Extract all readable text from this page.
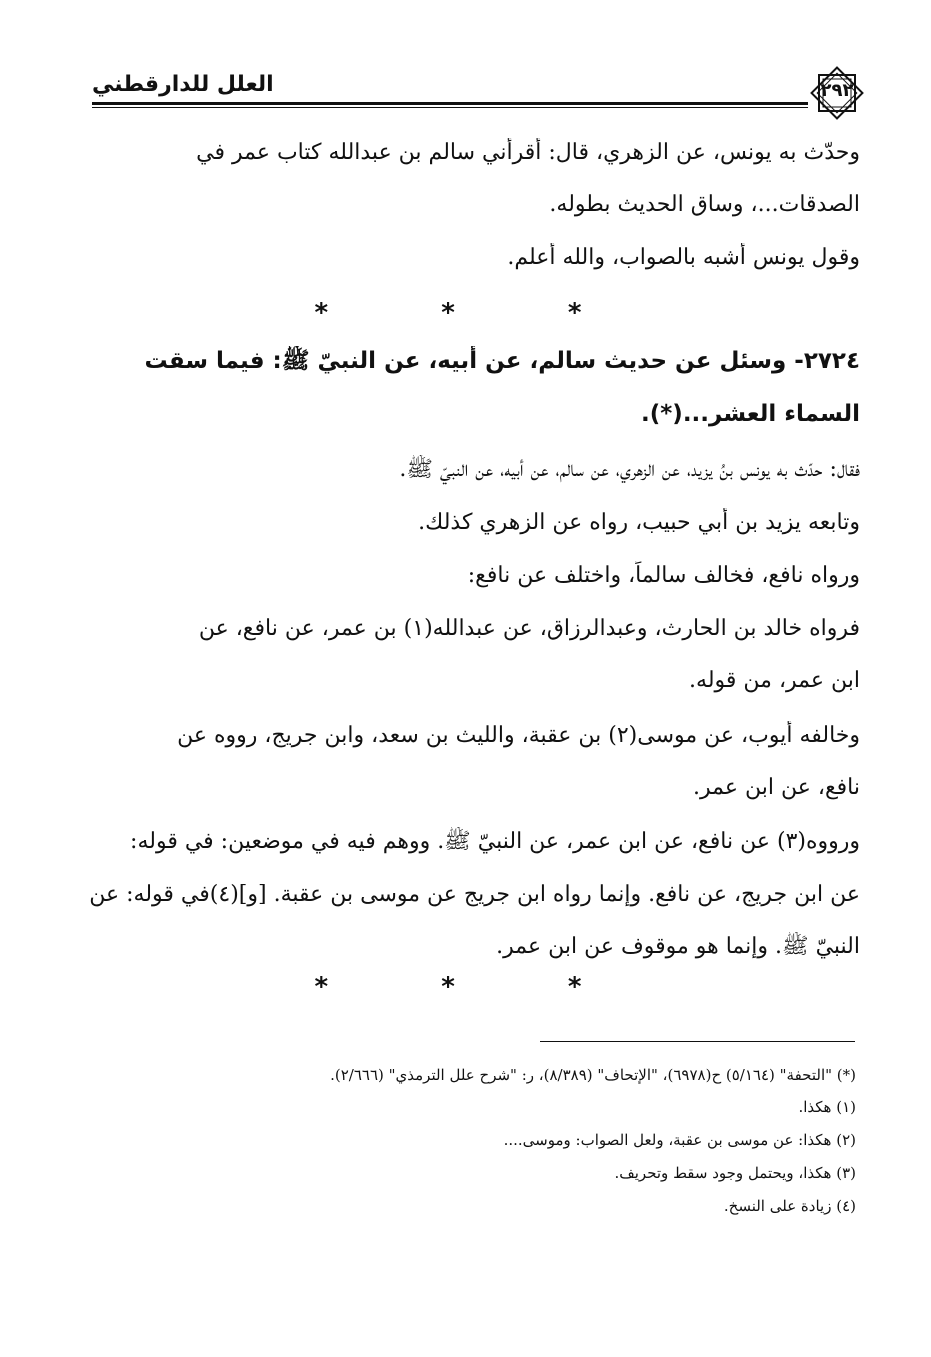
العلل للدارقطني	٢٩٢
وحدّث به يونس، عن الزهري، قال: أقرأني سالم بن عبدالله كتاب عمر في
الصدقات...، وساق الحديث بطوله.
وقول يونس أشبه بالصواب، والله أعلم.
* * *
٢٧٢٤- وسئل عن حديث سالم، عن أبيه، عن النبيّ ﷺ: فيما سقت
السماء العشر...(*).
فقال: حدّث به يونس بنُ يزيد، عن الزهري، عن سالم، عن أبيه، عن النبيّ ﷺ.
وتابعه يزيد بن أبي حبيب، رواه عن الزهري كذلك.
ورواه نافع، فخالف سالماً، واختلف عن نافع:
فرواه خالد بن الحارث، وعبدالرزاق، عن عبدالله(١) بن عمر، عن نافع، عن
ابن عمر، من قوله.
وخالفه أيوب، عن موسى(٢) بن عقبة، والليث بن سعد، وابن جريج، رووه عن
نافع، عن ابن عمر.
ورووه(٣) عن نافع، عن ابن عمر، عن النبيّ ﷺ. ووهم فيه في موضعين: في قوله:
عن ابن جريج، عن نافع. وإنما رواه ابن جريج عن موسى بن عقبة. [و](٤)في قوله: عن
النبيّ ﷺ. وإنما هو موقوف عن ابن عمر.
* * *
(*) "التحفة" (٥/١٦٤) ح(٦٩٧٨)، "الإتحاف" (٨/٣٨٩)، ر: "شرح علل الترمذي" (٢/٦٦٦).
(١) هكذا.
(٢) هكذا: عن موسى بن عقبة، ولعل الصواب: وموسى....
(٣) هكذا، ويحتمل وجود سقط وتحريف.
(٤) زيادة على النسخ.
